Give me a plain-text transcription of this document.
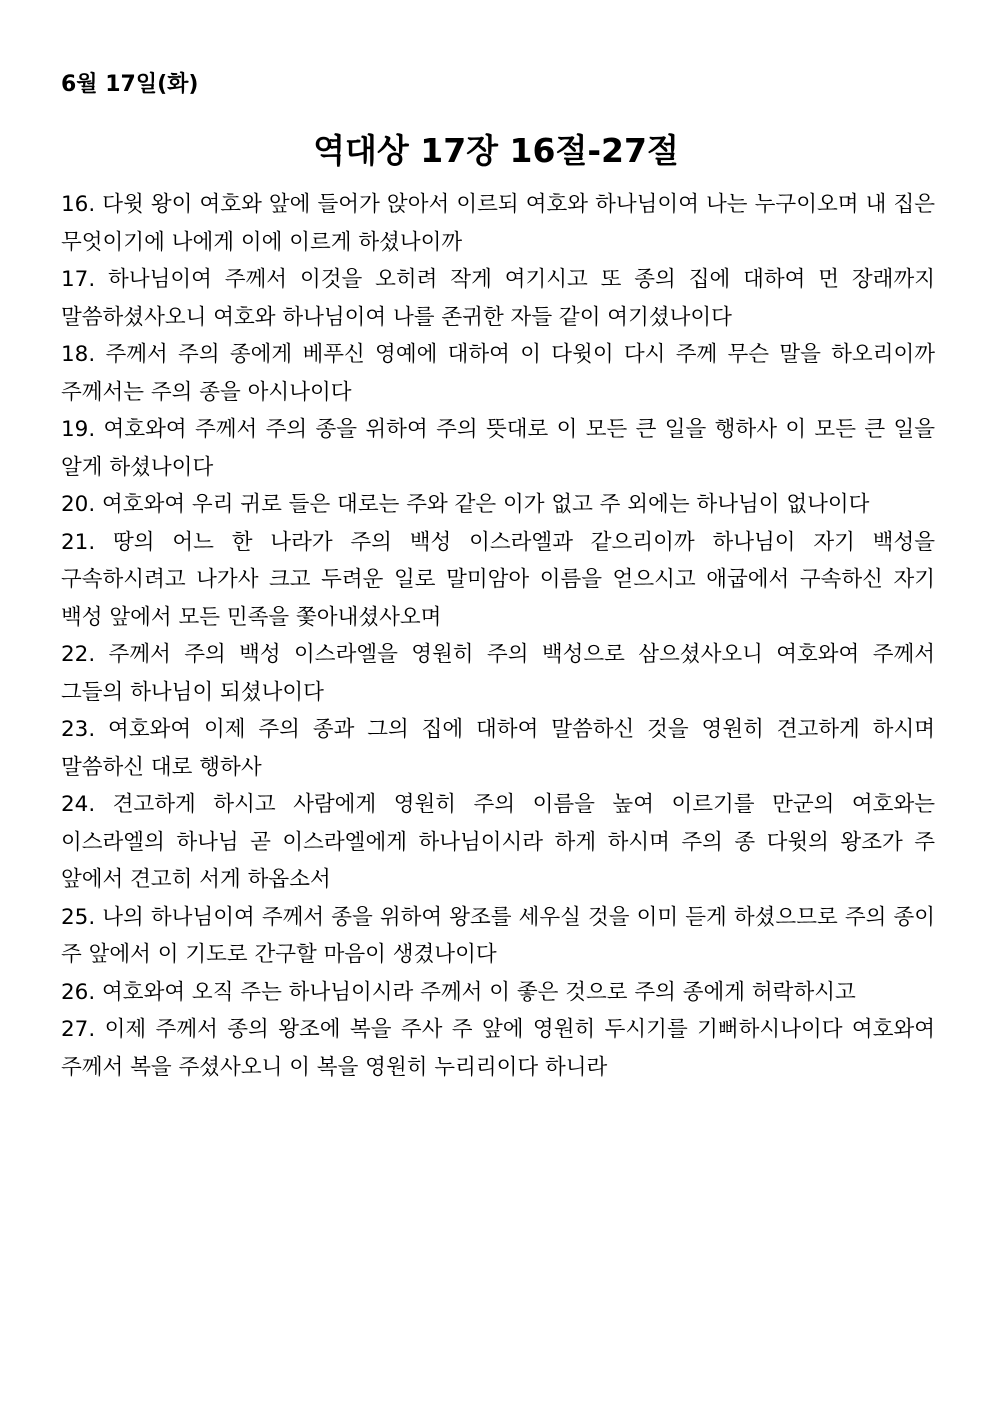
6월 17일(화)
역대상 17장 16절-27절
16. 다윗 왕이 여호와 앞에 들어가 앉아서 이르되 여호와 하나님이여 나는 누구이오며 내 집은 무엇이기에 나에게 이에 이르게 하셨나이까
17. 하나님이여 주께서 이것을 오히려 작게 여기시고 또 종의 집에 대하여 먼 장래까지 말씀하셨사오니 여호와 하나님이여 나를 존귀한 자들 같이 여기셨나이다
18. 주께서 주의 종에게 베푸신 영예에 대하여 이 다윗이 다시 주께 무슨 말을 하오리이까 주께서는 주의 종을 아시나이다
19. 여호와여 주께서 주의 종을 위하여 주의 뜻대로 이 모든 큰 일을 행하사 이 모든 큰 일을 알게 하셨나이다
20. 여호와여 우리 귀로 들은 대로는 주와 같은 이가 없고 주 외에는 하나님이 없나이다
21. 땅의 어느 한 나라가 주의 백성 이스라엘과 같으리이까 하나님이 자기 백성을 구속하시려고 나가사 크고 두려운 일로 말미암아 이름을 얻으시고 애굽에서 구속하신 자기 백성 앞에서 모든 민족을 쫓아내셨사오며
22. 주께서 주의 백성 이스라엘을 영원히 주의 백성으로 삼으셨사오니 여호와여 주께서 그들의 하나님이 되셨나이다
23. 여호와여 이제 주의 종과 그의 집에 대하여 말씀하신 것을 영원히 견고하게 하시며 말씀하신 대로 행하사
24. 견고하게 하시고 사람에게 영원히 주의 이름을 높여 이르기를 만군의 여호와는 이스라엘의 하나님 곧 이스라엘에게 하나님이시라 하게 하시며 주의 종 다윗의 왕조가 주 앞에서 견고히 서게 하옵소서
25. 나의 하나님이여 주께서 종을 위하여 왕조를 세우실 것을 이미 듣게 하셨으므로 주의 종이 주 앞에서 이 기도로 간구할 마음이 생겼나이다
26. 여호와여 오직 주는 하나님이시라 주께서 이 좋은 것으로 주의 종에게 허락하시고
27. 이제 주께서 종의 왕조에 복을 주사 주 앞에 영원히 두시기를 기뻐하시나이다 여호와여 주께서 복을 주셨사오니 이 복을 영원히 누리리이다 하니라
